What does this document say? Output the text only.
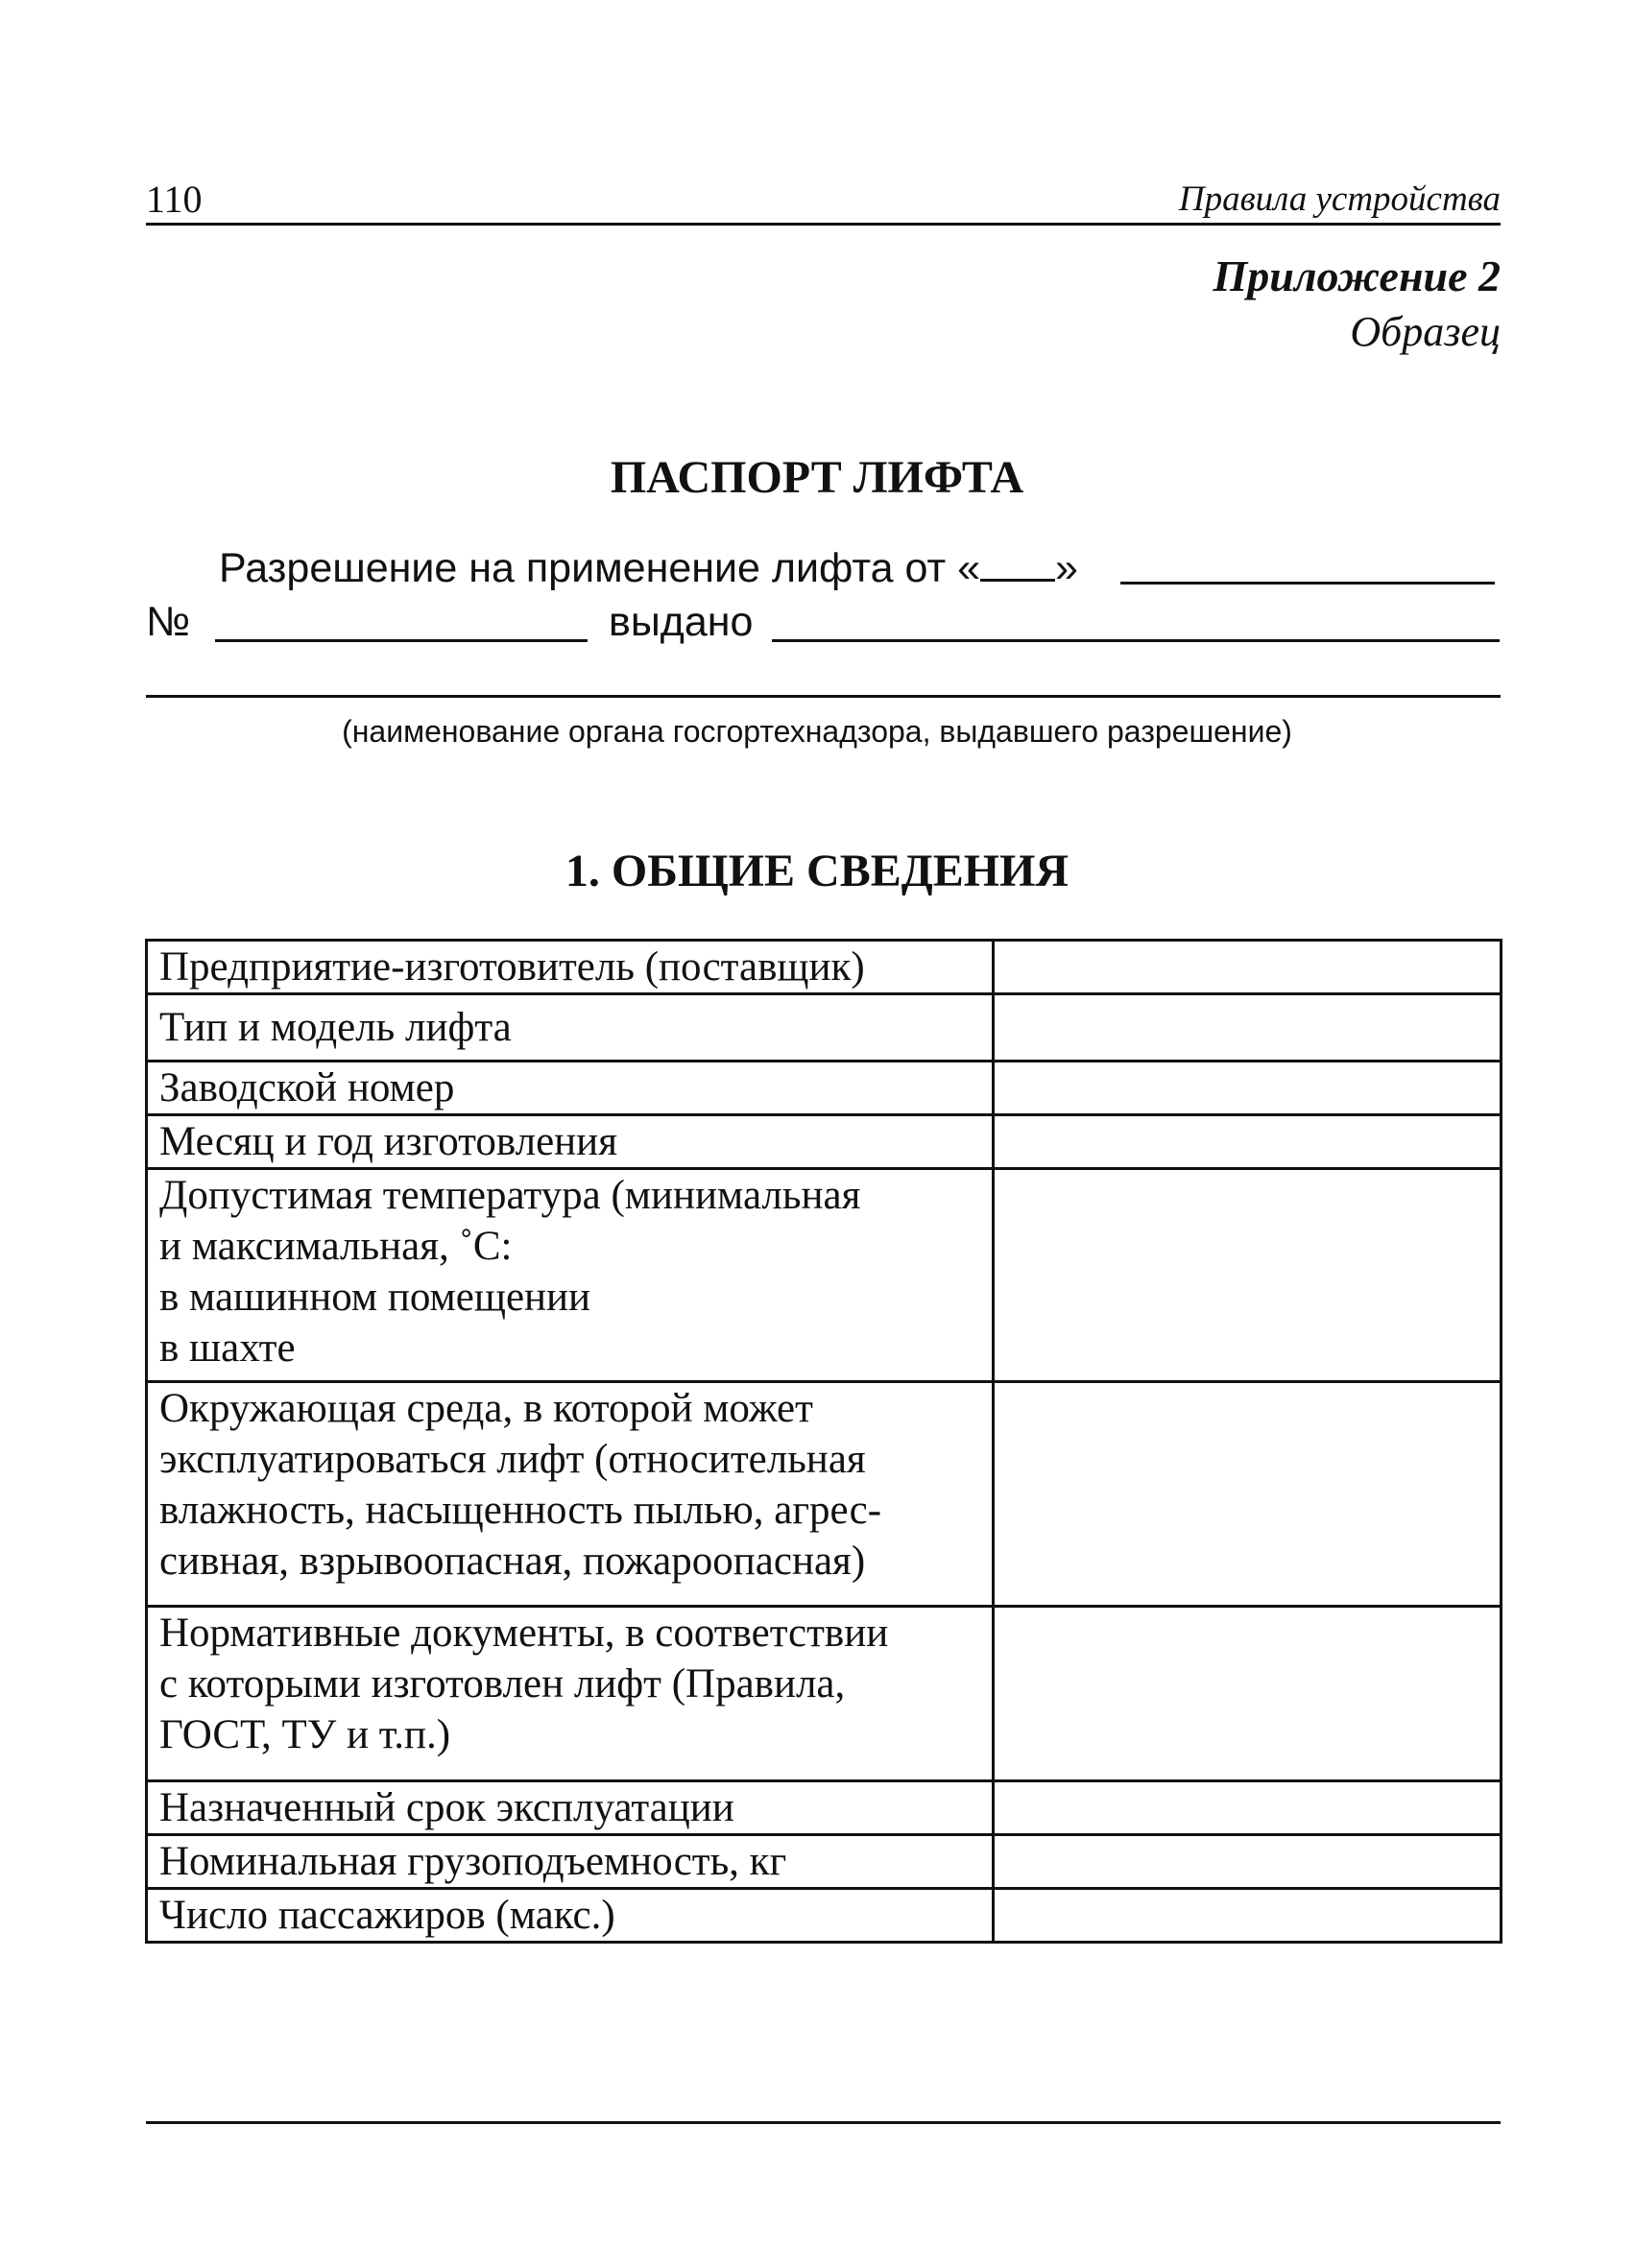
110	Правила устройства
Приложение 2
Образец
ПАСПОРТ ЛИФТА
Разрешение на применение лифта от « »
№	выдано
(наименование органа госгортехнадзора, выдавшего разрешение)
1. ОБЩИЕ СВЕДЕНИЯ
Предприятие-изготовитель (поставщик)	

Тип и модель лифта	

Заводской номер	

Месяц и год изготовления	

Допустимая температура (минимальная
и максимальная, ˚С:
в машинном помещении
в шахте	

Окружающая среда, в которой может
эксплуатироваться лифт (относительная
влажность, насыщенность пылью, агрес-
сивная, взрывоопасная, пожароопасная)	

Нормативные документы, в соответствии
с которыми изготовлен лифт (Правила,
ГОСТ, ТУ и т.п.)	

Назначенный срок эксплуатации	

Номинальная грузоподъемность, кг	

Число пассажиров (макс.)	
